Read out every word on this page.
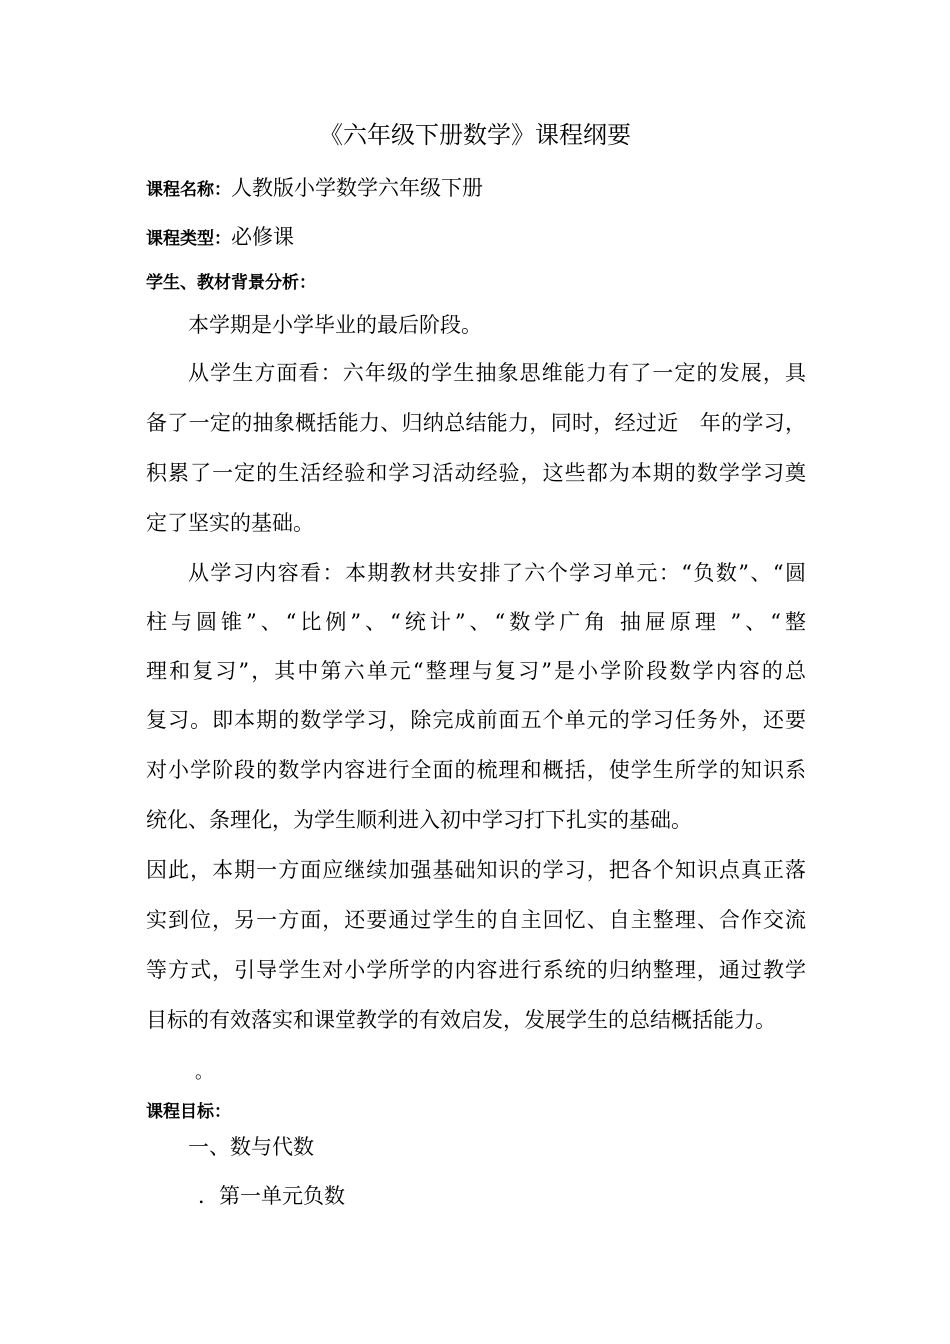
《六年级下册数学》课程纲要
课程名称：人教版小学数学六年级下册
课程类型：必修课
学生、教材背景分析：

本学期是小学毕业的最后阶段。

从学生方面看：六年级的学生抽象思维能力有了一定的发展，具

备了一定的抽象概括能力、归纳总结能力，同时，经过近　年的学习，

积累了一定的生活经验和学习活动经验，这些都为本期的数学学习奠

定了坚实的基础。

从学习内容看：本期教材共安排了六个学习单元：“负数”、“圆

柱与圆锥”、“比例”、“统计”、“数学广角 抽屉原理 ”、“整

理和复习”，其中第六单元“整理与复习”是小学阶段数学内容的总

复习。即本期的数学学习，除完成前面五个单元的学习任务外，还要

对小学阶段的数学内容进行全面的梳理和概括，使学生所学的知识系

统化、条理化，为学生顺利进入初中学习打下扎实的基础。

因此，本期一方面应继续加强基础知识的学习，把各个知识点真正落

实到位，另一方面，还要通过学生的自主回忆、自主整理、合作交流

等方式，引导学生对小学所学的内容进行系统的归纳整理，通过教学

目标的有效落实和课堂教学的有效启发，发展学生的总结概括能力。

。

课程目标：

一、数与代数

．第一单元负数
